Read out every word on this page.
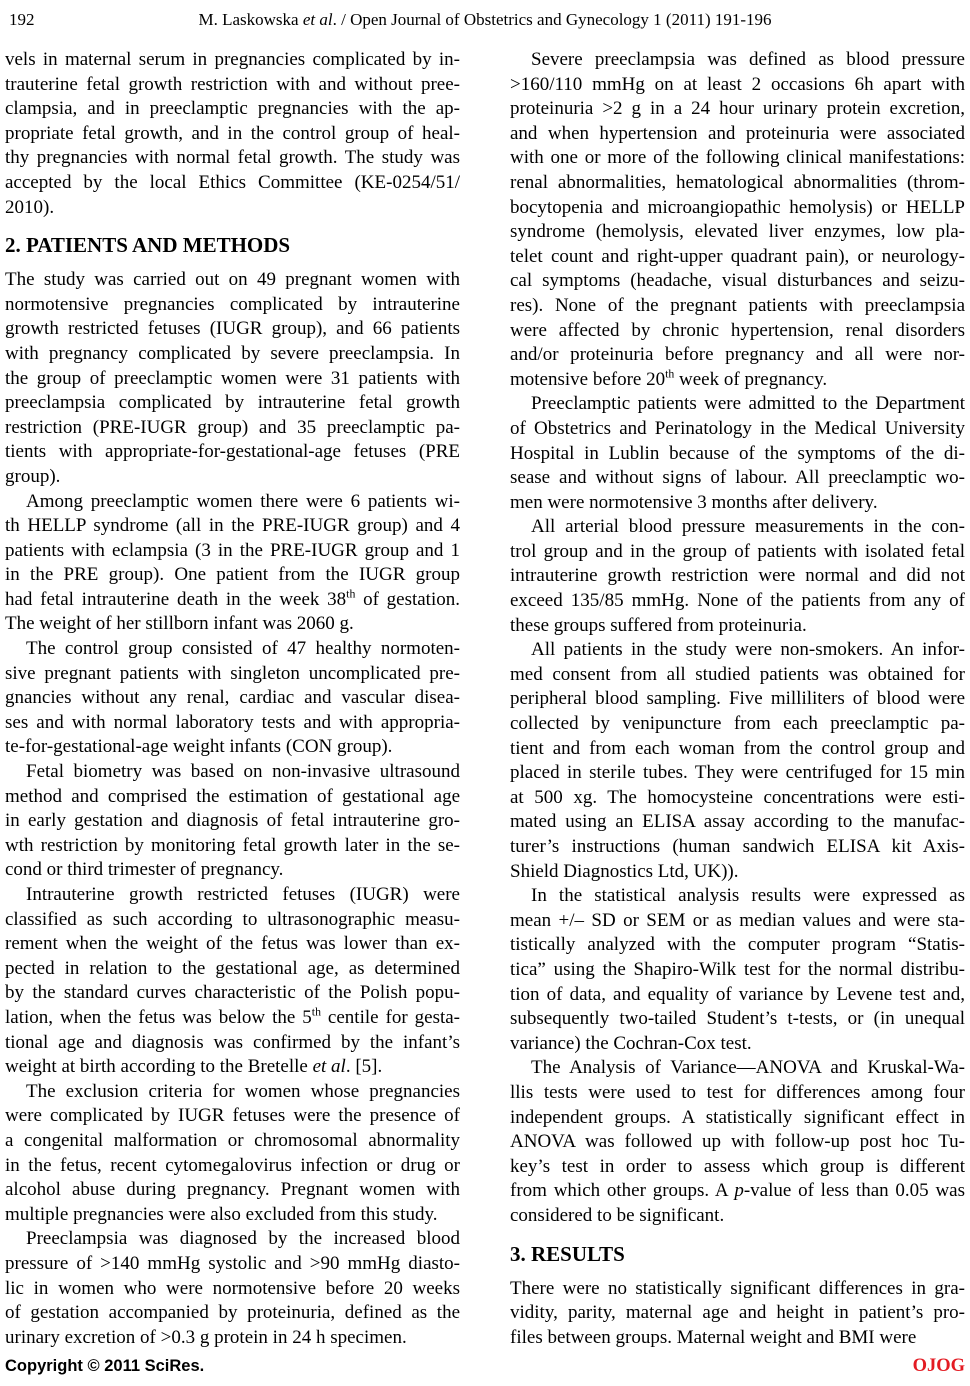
192	M. Laskowska et al. / Open Journal of Obstetrics and Gynecology 1 (2011) 191-196
vels in maternal serum in pregnancies complicated by in-
trauterine fetal growth restriction with and without pree-
clampsia, and in preeclamptic pregnancies with the ap-
propriate fetal growth, and in the control group of heal-
thy pregnancies with normal fetal growth. The study was
accepted by the local Ethics Committee (KE-0254/51/
2010).
2. PATIENTS AND METHODS
The study was carried out on 49 pregnant women with
normotensive pregnancies complicated by intrauterine
growth restricted fetuses (IUGR group), and 66 patients
with pregnancy complicated by severe preeclampsia. In
the group of preeclamptic women were 31 patients with
preeclampsia complicated by intrauterine fetal growth
restriction (PRE-IUGR group) and 35 preeclamptic pa-
tients with appropriate-for-gestational-age fetuses (PRE
group).
Among preeclamptic women there were 6 patients wi-
th HELLP syndrome (all in the PRE-IUGR group) and 4
patients with eclampsia (3 in the PRE-IUGR group and 1
in the PRE group). One patient from the IUGR group
had fetal intrauterine death in the week 38th of gestation.
The weight of her stillborn infant was 2060 g.
The control group consisted of 47 healthy normoten-
sive pregnant patients with singleton uncomplicated pre-
gnancies without any renal, cardiac and vascular disea-
ses and with normal laboratory tests and with appropria-
te-for-gestational-age weight infants (CON group).
Fetal biometry was based on non-invasive ultrasound
method and comprised the estimation of gestational age
in early gestation and diagnosis of fetal intrauterine gro-
wth restriction by monitoring fetal growth later in the se-
cond or third trimester of pregnancy.
Intrauterine growth restricted fetuses (IUGR) were
classified as such according to ultrasonographic measu-
rement when the weight of the fetus was lower than ex-
pected in relation to the gestational age, as determined
by the standard curves characteristic of the Polish popu-
lation, when the fetus was below the 5th centile for gesta-
tional age and diagnosis was confirmed by the infant’s
weight at birth according to the Bretelle et al. [5].
The exclusion criteria for women whose pregnancies
were complicated by IUGR fetuses were the presence of
a congenital malformation or chromosomal abnormality
in the fetus, recent cytomegalovirus infection or drug or
alcohol abuse during pregnancy. Pregnant women with
multiple pregnancies were also excluded from this study.
Preeclampsia was diagnosed by the increased blood
pressure of >140 mmHg systolic and >90 mmHg diasto-
lic in women who were normotensive before 20 weeks
of gestation accompanied by proteinuria, defined as the
urinary excretion of >0.3 g protein in 24 h specimen.
Severe preeclampsia was defined as blood pressure
>160/110 mmHg on at least 2 occasions 6h apart with
proteinuria >2 g in a 24 hour urinary protein excretion,
and when hypertension and proteinuria were associated
with one or more of the following clinical manifestations:
renal abnormalities, hematological abnormalities (throm-
bocytopenia and microangiopathic hemolysis) or HELLP
syndrome (hemolysis, elevated liver enzymes, low pla-
telet count and right-upper quadrant pain), or neurology-
cal symptoms (headache, visual disturbances and seizu-
res). None of the pregnant patients with preeclampsia
were affected by chronic hypertension, renal disorders
and/or proteinuria before pregnancy and all were nor-
motensive before 20th week of pregnancy.
Preeclamptic patients were admitted to the Department
of Obstetrics and Perinatology in the Medical University
Hospital in Lublin because of the symptoms of the di-
sease and without signs of labour. All preeclamptic wo-
men were normotensive 3 months after delivery.
All arterial blood pressure measurements in the con-
trol group and in the group of patients with isolated fetal
intrauterine growth restriction were normal and did not
exceed 135/85 mmHg. None of the patients from any of
these groups suffered from proteinuria.
All patients in the study were non-smokers. An infor-
med consent from all studied patients was obtained for
peripheral blood sampling. Five milliliters of blood were
collected by venipuncture from each preeclamptic pa-
tient and from each woman from the control group and
placed in sterile tubes. They were centrifuged for 15 min
at 500 xg. The homocysteine concentrations were esti-
mated using an ELISA assay according to the manufac-
turer’s instructions (human sandwich ELISA kit Axis-
Shield Diagnostics Ltd, UK)).
In the statistical analysis results were expressed as
mean +/– SD or SEM or as median values and were sta-
tistically analyzed with the computer program “Statis-
tica” using the Shapiro-Wilk test for the normal distribu-
tion of data, and equality of variance by Levene test and,
subsequently two-tailed Student’s t-tests, or (in unequal
variance) the Cochran-Cox test.
The Analysis of Variance—ANOVA and Kruskal-Wa-
llis tests were used to test for differences among four
independent groups. A statistically significant effect in
ANOVA was followed up with follow-up post hoc Tu-
key’s test in order to assess which group is different
from which other groups. A p-value of less than 0.05 was
considered to be significant.
3. RESULTS
There were no statistically significant differences in gra-
vidity, parity, maternal age and height in patient’s pro-
files between groups. Maternal weight and BMI were
Copyright © 2011 SciRes.	OJOG
